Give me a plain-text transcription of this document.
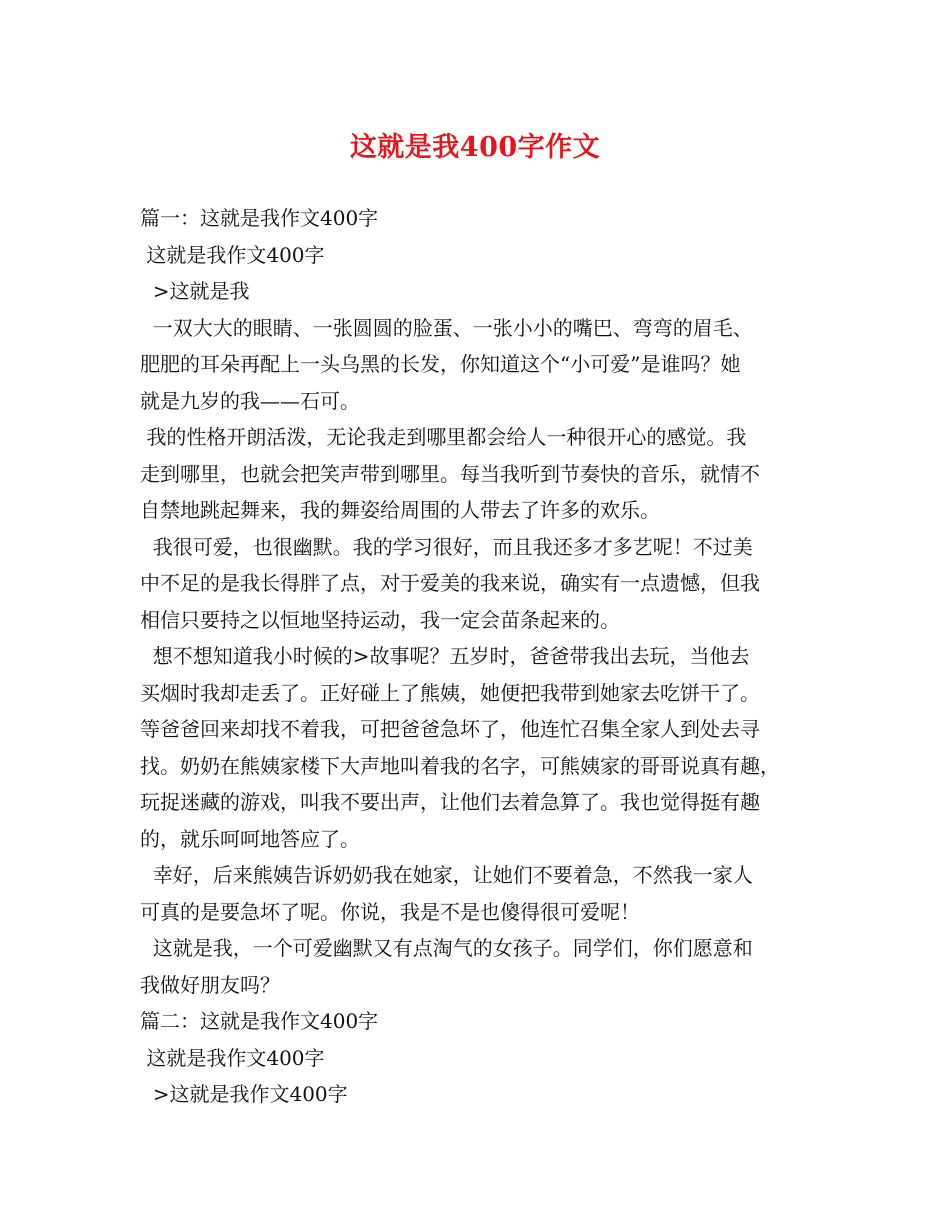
这就是我400字作文
篇一：这就是我作文400字
这就是我作文400字
>这就是我
一双大大的眼睛、一张圆圆的脸蛋、一张小小的嘴巴、弯弯的眉毛、
肥肥的耳朵再配上一头乌黑的长发，你知道这个“小可爱”是谁吗？她
就是九岁的我——石可。
我的性格开朗活泼，无论我走到哪里都会给人一种很开心的感觉。我
走到哪里，也就会把笑声带到哪里。每当我听到节奏快的音乐，就情不
自禁地跳起舞来，我的舞姿给周围的人带去了许多的欢乐。
我很可爱，也很幽默。我的学习很好，而且我还多才多艺呢！不过美
中不足的是我长得胖了点，对于爱美的我来说，确实有一点遗憾，但我
相信只要持之以恒地坚持运动，我一定会苗条起来的。
想不想知道我小时候的>故事呢？五岁时，爸爸带我出去玩，当他去
买烟时我却走丢了。正好碰上了熊姨，她便把我带到她家去吃饼干了。
等爸爸回来却找不着我，可把爸爸急坏了，他连忙召集全家人到处去寻
找。奶奶在熊姨家楼下大声地叫着我的名字，可熊姨家的哥哥说真有趣，
玩捉迷藏的游戏，叫我不要出声，让他们去着急算了。我也觉得挺有趣
的，就乐呵呵地答应了。
幸好，后来熊姨告诉奶奶我在她家，让她们不要着急，不然我一家人
可真的是要急坏了呢。你说，我是不是也傻得很可爱呢！
这就是我，一个可爱幽默又有点淘气的女孩子。同学们，你们愿意和
我做好朋友吗？
篇二：这就是我作文400字
这就是我作文400字
>这就是我作文400字
